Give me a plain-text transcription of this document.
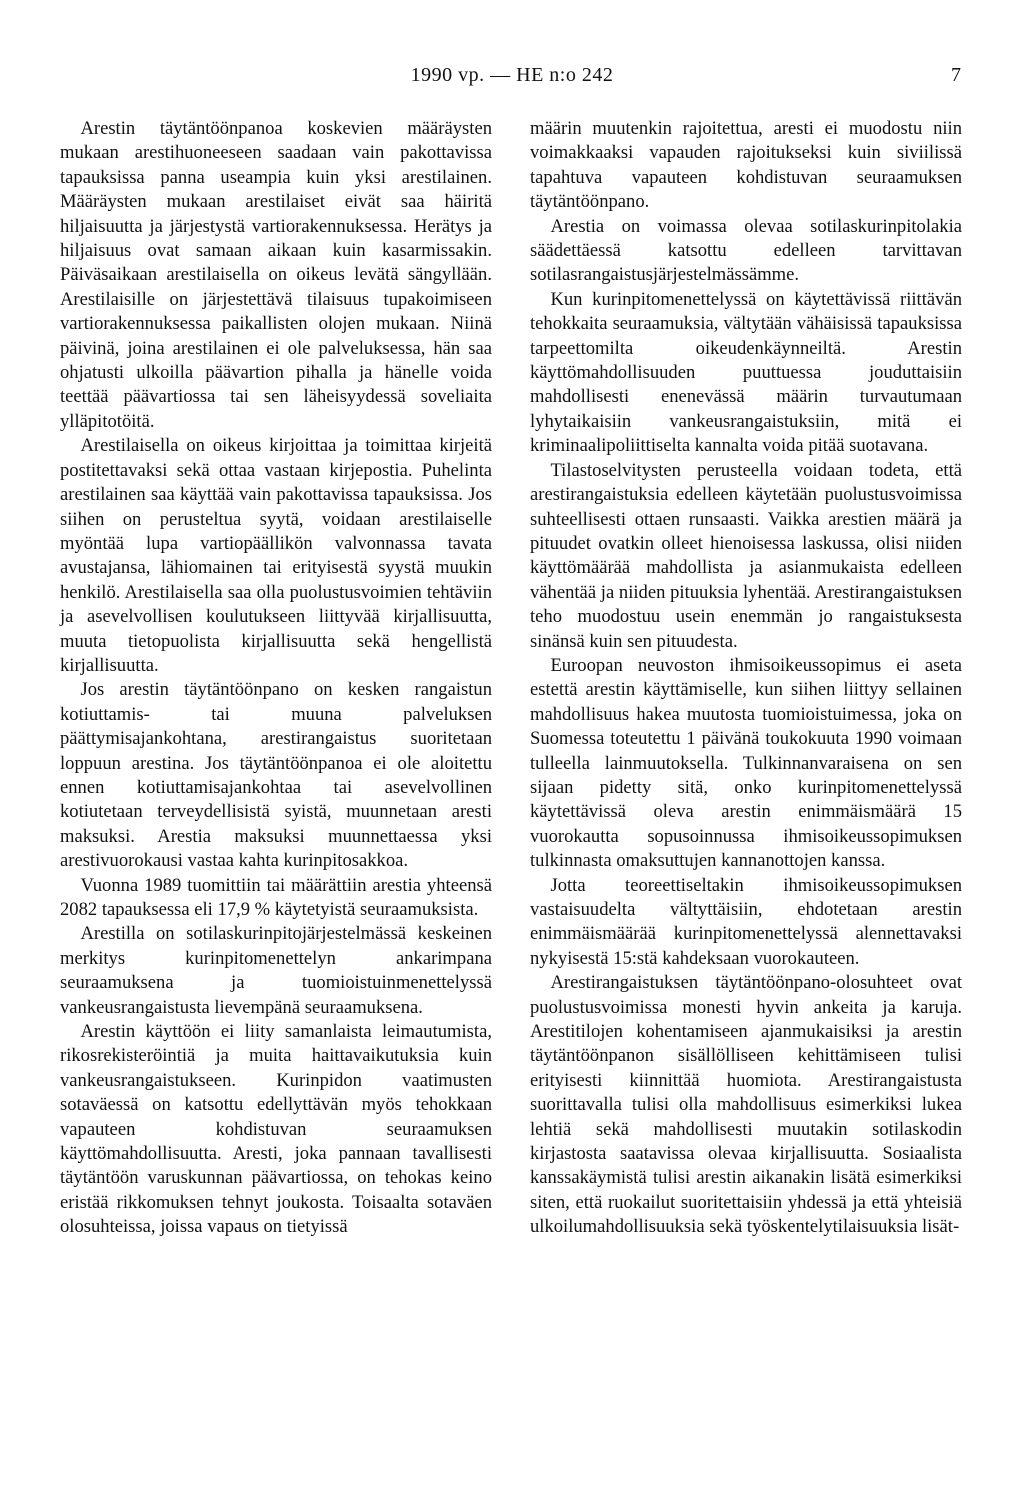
1990 vp. — HE n:o 242	7

Arestin täytäntöönpanoa koskevien määräysten mukaan arestihuoneeseen saadaan vain pakottavissa tapauksissa panna useampia kuin yksi arestilainen. Määräysten mukaan arestilaiset eivät saa häiritä hiljaisuutta ja järjestystä vartiorakennuksessa. Herätys ja hiljaisuus ovat samaan aikaan kuin kasarmissakin. Päiväsaikaan arestilaisella on oikeus levätä sängyllään. Arestilaisille on järjestettävä tilaisuus tupakoimiseen vartiorakennuksessa paikallisten olojen mukaan. Niinä päivinä, joina arestilainen ei ole palveluksessa, hän saa ohjatusti ulkoilla päävartion pihalla ja hänelle voida teettää päävartiossa tai sen läheisyydessä soveliaita ylläpitotöitä.

Arestilaisella on oikeus kirjoittaa ja toimittaa kirjeitä postitettavaksi sekä ottaa vastaan kirjepostia. Puhelinta arestilainen saa käyttää vain pakottavissa tapauksissa. Jos siihen on perusteltua syytä, voidaan arestilaiselle myöntää lupa vartiopäällikön valvonnassa tavata avustajansa, lähiomainen tai erityisestä syystä muukin henkilö. Arestilaisella saa olla puolustusvoimien tehtäviin ja asevelvollisen koulutukseen liittyvää kirjallisuutta, muuta tietopuolista kirjallisuutta sekä hengellistä kirjallisuutta.

Jos arestin täytäntöönpano on kesken rangaistun kotiuttamis- tai muuna palveluksen päättymisajankohtana, arestirangaistus suoritetaan loppuun arestina. Jos täytäntöönpanoa ei ole aloitettu ennen kotiuttamisajankohtaa tai asevelvollinen kotiutetaan terveydellisistä syistä, muunnetaan aresti maksuksi. Arestia maksuksi muunnettaessa yksi arestivuorokausi vastaa kahta kurinpitosakkoa.

Vuonna 1989 tuomittiin tai määrättiin arestia yhteensä 2082 tapauksessa eli 17,9 % käytetyistä seuraamuksista.

Arestilla on sotilaskurinpitojärjestelmässä keskeinen merkitys kurinpitomenettelyn ankarimpana seuraamuksena ja tuomioistuinmenettelyssä vankeusrangaistusta lievempänä seuraamuksena.

Arestin käyttöön ei liity samanlaista leimautumista, rikosrekisteröintiä ja muita haittavaikutuksia kuin vankeusrangaistukseen. Kurinpidon vaatimusten sotaväessä on katsottu edellyttävän myös tehokkaan vapauteen kohdistuvan seuraamuksen käyttömahdollisuutta. Aresti, joka pannaan tavallisesti täytäntöön varuskunnan päävartiossa, on tehokas keino eristää rikkomuksen tehnyt joukosta. Toisaalta sotaväen olosuhteissa, joissa vapaus on tietyissä

määrin muutenkin rajoitettua, aresti ei muodostu niin voimakkaaksi vapauden rajoitukseksi kuin siviilissä tapahtuva vapauteen kohdistuvan seuraamuksen täytäntöönpano.

Arestia on voimassa olevaa sotilaskurinpitolakia säädettäessä katsottu edelleen tarvittavan sotilasrangaistusjärjestelmässämme.

Kun kurinpitomenettelyssä on käytettävissä riittävän tehokkaita seuraamuksia, vältytään vähäisissä tapauksissa tarpeettomilta oikeudenkäynneiltä. Arestin käyttömahdollisuuden puuttuessa jouduttaisiin mahdollisesti enenevässä määrin turvautumaan lyhytaikaisiin vankeusrangaistuksiin, mitä ei kriminaalipoliittiselta kannalta voida pitää suotavana.

Tilastoselvitysten perusteella voidaan todeta, että arestirangaistuksia edelleen käytetään puolustusvoimissa suhteellisesti ottaen runsaasti. Vaikka arestien määrä ja pituudet ovatkin olleet hienoisessa laskussa, olisi niiden käyttömäärää mahdollista ja asianmukaista edelleen vähentää ja niiden pituuksia lyhentää. Arestirangaistuksen teho muodostuu usein enemmän jo rangaistuksesta sinänsä kuin sen pituudesta.

Euroopan neuvoston ihmisoikeussopimus ei aseta estettä arestin käyttämiselle, kun siihen liittyy sellainen mahdollisuus hakea muutosta tuomioistuimessa, joka on Suomessa toteutettu 1 päivänä toukokuuta 1990 voimaan tulleella lainmuutoksella. Tulkinnanvaraisena on sen sijaan pidetty sitä, onko kurinpitomenettelyssä käytettävissä oleva arestin enimmäismäärä 15 vuorokautta sopusoinnussa ihmisoikeussopimuksen tulkinnasta omaksuttujen kannanottojen kanssa.

Jotta teoreettiseltakin ihmisoikeussopimuksen vastaisuudelta vältyttäisiin, ehdotetaan arestin enimmäismäärää kurinpitomenettelyssä alennettavaksi nykyisestä 15:stä kahdeksaan vuorokauteen.

Arestirangaistuksen täytäntöönpano-olosuhteet ovat puolustusvoimissa monesti hyvin ankeita ja karuja. Arestitilojen kohentamiseen ajanmukaisiksi ja arestin täytäntöönpanon sisällölliseen kehittämiseen tulisi erityisesti kiinnittää huomiota. Arestirangaistusta suorittavalla tulisi olla mahdollisuus esimerkiksi lukea lehtiä sekä mahdollisesti muutakin sotilaskodin kirjastosta saatavissa olevaa kirjallisuutta. Sosiaalista kanssakäymistä tulisi arestin aikanakin lisätä esimerkiksi siten, että ruokailut suoritettaisiin yhdessä ja että yhteisiä ulkoilumahdollisuuksia sekä työskentelytilaisuuksia lisät-
